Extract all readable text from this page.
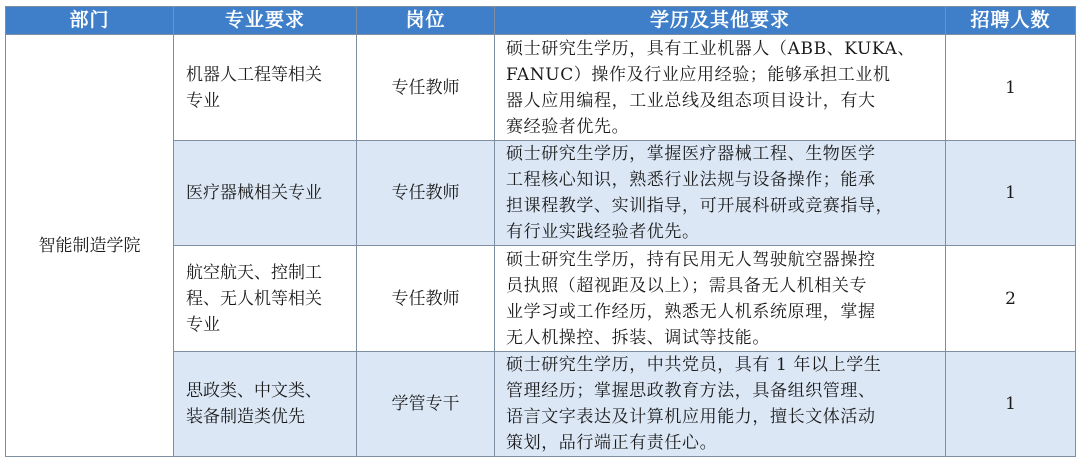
部门	专业要求	岗位	学历及其他要求	招聘人数
智能制造学院	机器人工程等相关
专业	专任教师	硕士研究生学历，具有工业机器人（ABB、KUKA、
FANUC）操作及行业应用经验；能够承担工业机
器人应用编程，工业总线及组态项目设计，有大
赛经验者优先。	1
	医疗器械相关专业	专任教师	硕士研究生学历，掌握医疗器械工程、生物医学
工程核心知识，熟悉行业法规与设备操作；能承
担课程教学、实训指导，可开展科研或竞赛指导，
有行业实践经验者优先。	1
	航空航天、控制工
程、无人机等相关
专业	专任教师	硕士研究生学历，持有民用无人驾驶航空器操控
员执照（超视距及以上）；需具备无人机相关专
业学习或工作经历，熟悉无人机系统原理，掌握
无人机操控、拆装、调试等技能。	2
	思政类、中文类、
装备制造类优先	学管专干	硕士研究生学历，中共党员，具有 1 年以上学生
管理经历；掌握思政教育方法，具备组织管理、
语言文字表达及计算机应用能力，擅长文体活动
策划，品行端正有责任心。	1
